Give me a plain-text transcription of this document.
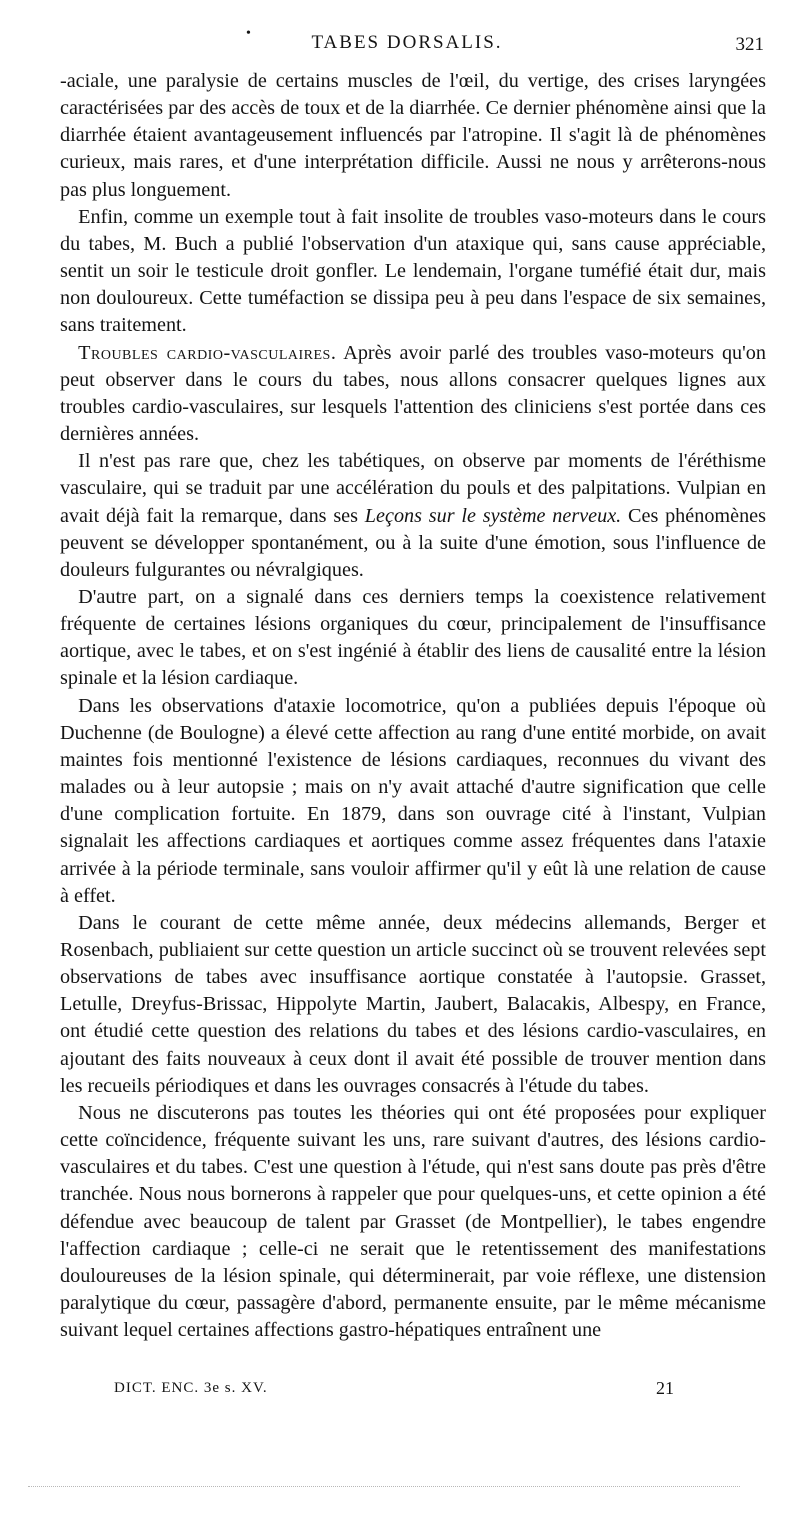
•	TABES DORSALIS.	321

-aciale, une paralysie de certains muscles de l'œil, du vertige, des crises laryngées caractérisées par des accès de toux et de la diarrhée. Ce dernier phénomène ainsi que la diarrhée étaient avantageusement influencés par l'atropine. Il s'agit là de phénomènes curieux, mais rares, et d'une interprétation difficile. Aussi ne nous y arrêterons-nous pas plus longuement.

Enfin, comme un exemple tout à fait insolite de troubles vaso-moteurs dans le cours du tabes, M. Buch a publié l'observation d'un ataxique qui, sans cause appréciable, sentit un soir le testicule droit gonfler. Le lendemain, l'organe tuméfié était dur, mais non douloureux. Cette tuméfaction se dissipa peu à peu dans l'espace de six semaines, sans traitement.

Troubles cardio-vasculaires. Après avoir parlé des troubles vaso-moteurs qu'on peut observer dans le cours du tabes, nous allons consacrer quelques lignes aux troubles cardio-vasculaires, sur lesquels l'attention des cliniciens s'est portée dans ces dernières années.

Il n'est pas rare que, chez les tabétiques, on observe par moments de l'éréthisme vasculaire, qui se traduit par une accélération du pouls et des palpitations. Vulpian en avait déjà fait la remarque, dans ses Leçons sur le système nerveux. Ces phénomènes peuvent se développer spontanément, ou à la suite d'une émotion, sous l'influence de douleurs fulgurantes ou névralgiques.

D'autre part, on a signalé dans ces derniers temps la coexistence relativement fréquente de certaines lésions organiques du cœur, principalement de l'insuffisance aortique, avec le tabes, et on s'est ingénié à établir des liens de causalité entre la lésion spinale et la lésion cardiaque.

Dans les observations d'ataxie locomotrice, qu'on a publiées depuis l'époque où Duchenne (de Boulogne) a élevé cette affection au rang d'une entité morbide, on avait maintes fois mentionné l'existence de lésions cardiaques, reconnues du vivant des malades ou à leur autopsie ; mais on n'y avait attaché d'autre signification que celle d'une complication fortuite. En 1879, dans son ouvrage cité à l'instant, Vulpian signalait les affections cardiaques et aortiques comme assez fréquentes dans l'ataxie arrivée à la période terminale, sans vouloir affirmer qu'il y eût là une relation de cause à effet.

Dans le courant de cette même année, deux médecins allemands, Berger et Rosenbach, publiaient sur cette question un article succinct où se trouvent relevées sept observations de tabes avec insuffisance aortique constatée à l'autopsie. Grasset, Letulle, Dreyfus-Brissac, Hippolyte Martin, Jaubert, Balacakis, Albespy, en France, ont étudié cette question des relations du tabes et des lésions cardio-vasculaires, en ajoutant des faits nouveaux à ceux dont il avait été possible de trouver mention dans les recueils périodiques et dans les ouvrages consacrés à l'étude du tabes.

Nous ne discuterons pas toutes les théories qui ont été proposées pour expliquer cette coïncidence, fréquente suivant les uns, rare suivant d'autres, des lésions cardio-vasculaires et du tabes. C'est une question à l'étude, qui n'est sans doute pas près d'être tranchée. Nous nous bornerons à rappeler que pour quelques-uns, et cette opinion a été défendue avec beaucoup de talent par Grasset (de Montpellier), le tabes engendre l'affection cardiaque ; celle-ci ne serait que le retentissement des manifestations douloureuses de la lésion spinale, qui déterminerait, par voie réflexe, une distension paralytique du cœur, passagère d'abord, permanente ensuite, par le même mécanisme suivant lequel certaines affections gastro-hépatiques entraînent une

DICT. ENC. 3e s. XV.	21
